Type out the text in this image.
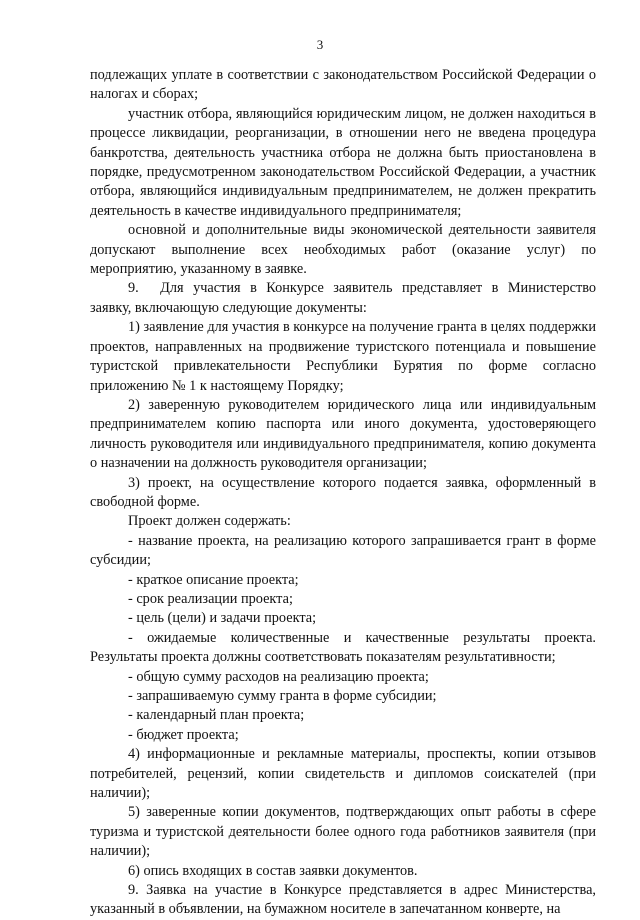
3

подлежащих уплате в соответствии с законодательством Российской Федерации о налогах и сборах;

участник отбора, являющийся юридическим лицом, не должен находиться в процессе ликвидации, реорганизации, в отношении него не введена процедура банкротства, деятельность участника отбора не должна быть приостановлена в порядке, предусмотренном законодательством Российской Федерации, а участник отбора, являющийся индивидуальным предпринимателем, не должен прекратить деятельность в качестве индивидуального предпринимателя;

основной и дополнительные виды экономической деятельности заявителя допускают выполнение всех необходимых работ (оказание услуг) по мероприятию, указанному в заявке.

9.  Для участия в Конкурсе заявитель представляет в Министерство заявку, включающую следующие документы:

1) заявление для участия в конкурсе на получение гранта в целях поддержки проектов, направленных на продвижение туристского потенциала и повышение туристской привлекательности Республики Бурятия по форме согласно приложению № 1 к настоящему Порядку;

2) заверенную руководителем юридического лица или индивидуальным предпринимателем копию паспорта или иного документа, удостоверяющего личность руководителя или индивидуального предпринимателя, копию документа о назначении на должность руководителя организации;

3) проект, на осуществление которого подается заявка, оформленный в свободной форме.

Проект должен содержать:

- название проекта, на реализацию которого запрашивается грант в форме субсидии;

- краткое описание проекта;

- срок реализации проекта;

- цель (цели) и задачи проекта;

- ожидаемые количественные и качественные результаты проекта. Результаты проекта должны соответствовать показателям результативности;

- общую сумму расходов на реализацию проекта;

- запрашиваемую сумму гранта в форме субсидии;

- календарный план проекта;

- бюджет проекта;

4) информационные и рекламные материалы, проспекты, копии отзывов потребителей, рецензий, копии свидетельств и дипломов соискателей (при наличии);

5) заверенные копии документов, подтверждающих опыт работы в сфере туризма и туристской деятельности более одного года работников заявителя (при наличии);

6) опись входящих в состав заявки документов.

9. Заявка на участие в Конкурсе представляется в адрес Министерства, указанный в объявлении, на бумажном носителе в запечатанном конверте, на
